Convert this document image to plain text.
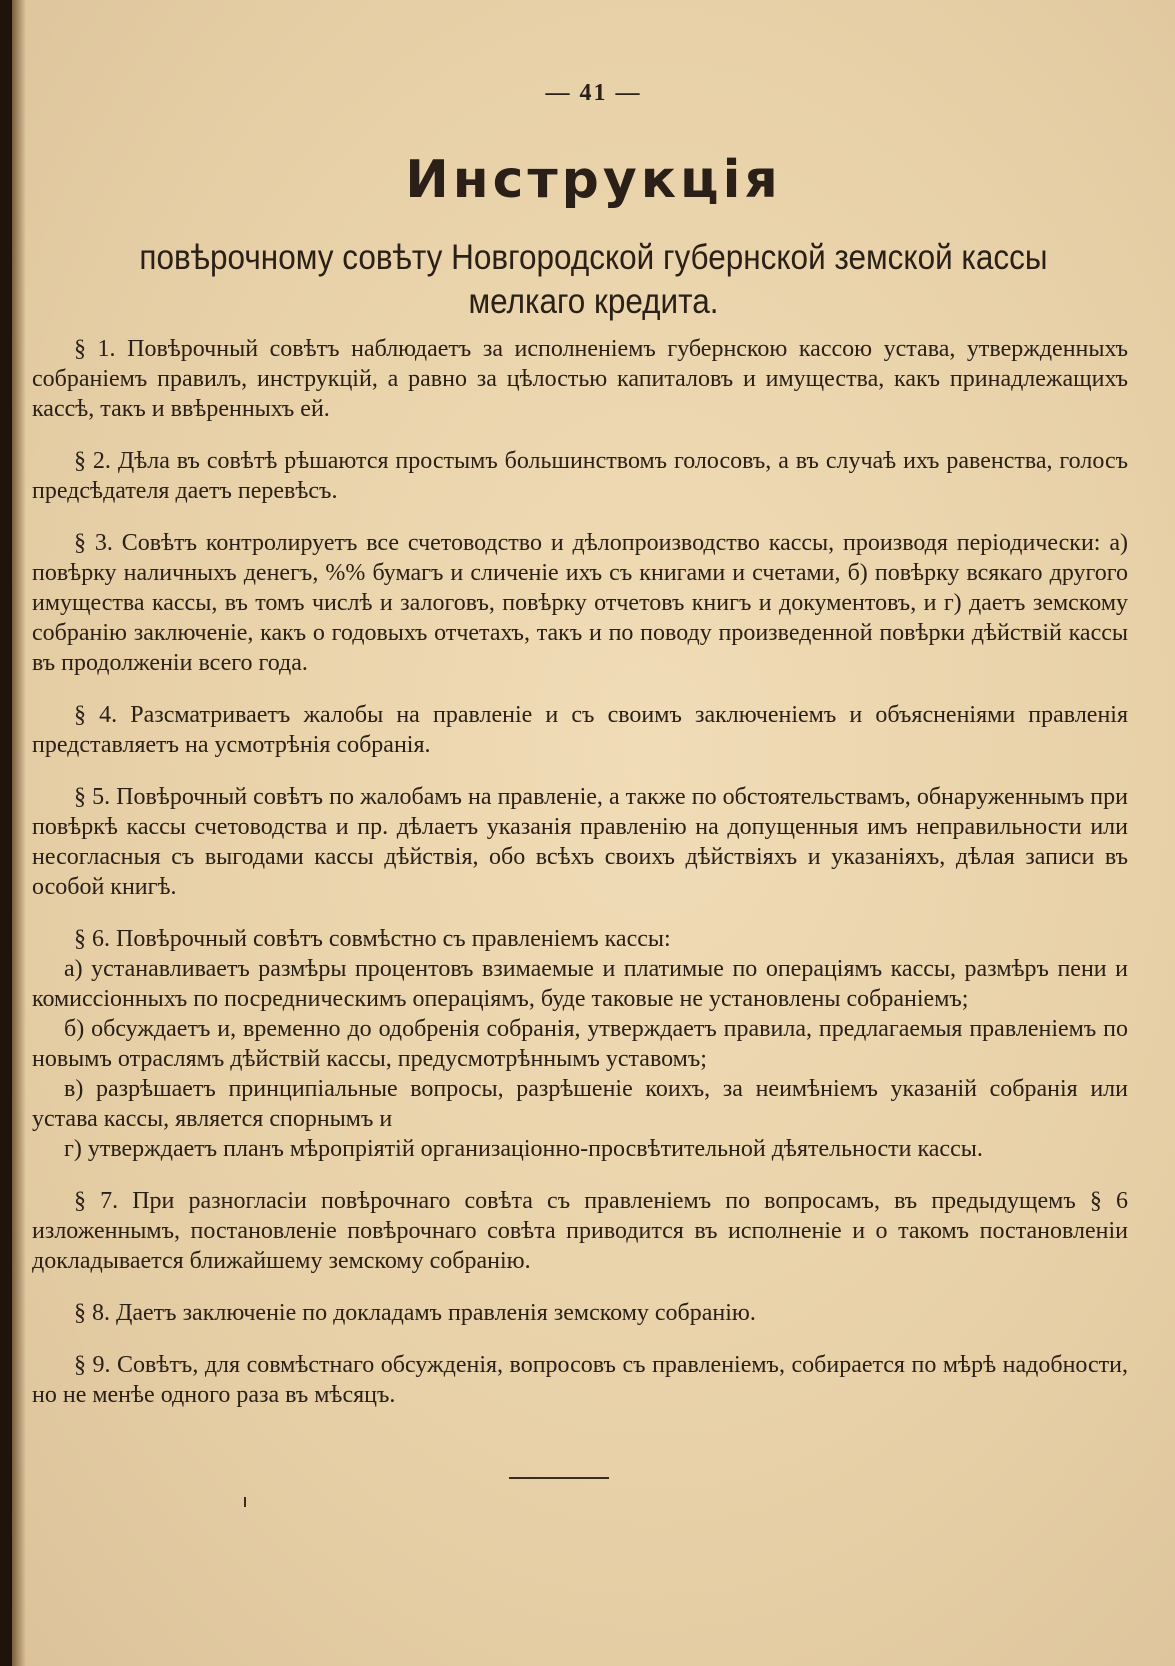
— 41 —
Инструкція
повѣрочному совѣту Новгородской губернской земской кассы
мелкаго кредита.

§ 1. Повѣрочный совѣтъ наблюдаетъ за исполненіемъ губернскою кассою устава, утвержденныхъ собраніемъ правилъ, инструкцій, а равно за цѣлостью капиталовъ и имущества, какъ принадлежащихъ кассѣ, такъ и ввѣренныхъ ей.

§ 2. Дѣла въ совѣтѣ рѣшаются простымъ большинствомъ голосовъ, а въ случаѣ ихъ равенства, голосъ предсѣдателя даетъ перевѣсъ.

§ 3. Совѣтъ контролируетъ все счетоводство и дѣлопроизводство кассы, производя періодически: а) повѣрку наличныхъ денегъ, %% бумагъ и сличеніе ихъ съ книгами и счетами, б) повѣрку всякаго другого имущества кассы, въ томъ числѣ и залоговъ, повѣрку отчетовъ книгъ и документовъ, и г) даетъ земскому собранію заключеніе, какъ о годовыхъ отчетахъ, такъ и по поводу произведенной повѣрки дѣйствій кассы въ продолженіи всего года.

§ 4. Разсматриваетъ жалобы на правленіе и съ своимъ заключеніемъ и объясненіями правленія представляетъ на усмотрѣнія собранія.

§ 5. Повѣрочный совѣтъ по жалобамъ на правленіе, а также по обстоятельствамъ, обнаруженнымъ при повѣркѣ кассы счетоводства и пр. дѣлаетъ указанія правленію на допущенныя имъ неправильности или несогласныя съ выгодами кассы дѣйствія, обо всѣхъ своихъ дѣйствіяхъ и указаніяхъ, дѣлая записи въ особой книгѣ.

§ 6. Повѣрочный совѣтъ совмѣстно съ правленіемъ кассы:

а) устанавливаетъ размѣры процентовъ взимаемые и платимые по операціямъ кассы, размѣръ пени и комиссіонныхъ по посредническимъ операціямъ, буде таковые не установлены собраніемъ;

б) обсуждаетъ и, временно до одобренія собранія, утверждаетъ правила, предлагаемыя правленіемъ по новымъ отраслямъ дѣйствій кассы, предусмотрѣннымъ уставомъ;

в) разрѣшаетъ принципіальные вопросы, разрѣшеніе коихъ, за неимѣніемъ указаній собранія или устава кассы, является спорнымъ и

г) утверждаетъ планъ мѣропріятій организаціонно-просвѣтительной дѣятельности кассы.

§ 7. При разногласіи повѣрочнаго совѣта съ правленіемъ по вопросамъ, въ предыдущемъ § 6 изложеннымъ, постановленіе повѣрочнаго совѣта приводится въ исполненіе и о такомъ постановленіи докладывается ближайшему земскому собранію.

§ 8. Даетъ заключеніе по докладамъ правленія земскому собранію.

§ 9. Совѣтъ, для совмѣстнаго обсужденія, вопросовъ съ правленіемъ, собирается по мѣрѣ надобности, но не менѣе одного раза въ мѣсяцъ.
